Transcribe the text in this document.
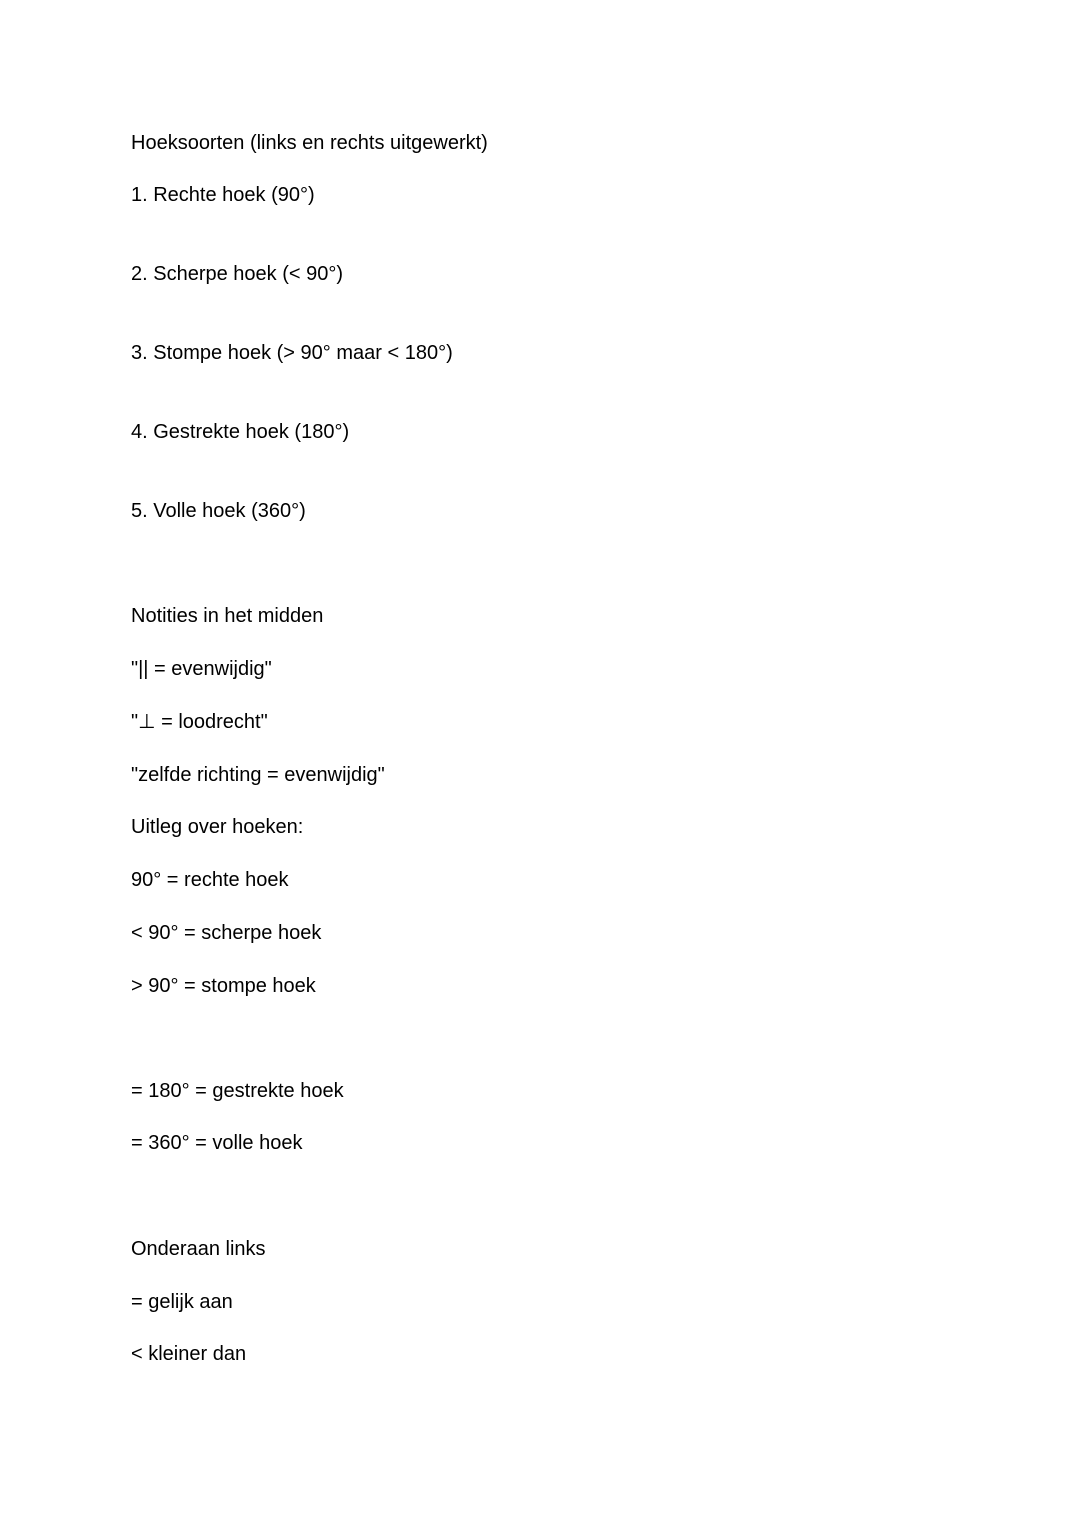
Hoeksoorten (links en rechts uitgewerkt)
1. Rechte hoek (90°)
2. Scherpe hoek (< 90°)
3. Stompe hoek (> 90° maar < 180°)
4. Gestrekte hoek (180°)
5. Volle hoek (360°)
Notities in het midden
"|| = evenwijdig"
"⊥ = loodrecht"
"zelfde richting = evenwijdig"
Uitleg over hoeken:
90° = rechte hoek
< 90° = scherpe hoek
> 90° = stompe hoek
= 180° = gestrekte hoek
= 360° = volle hoek
Onderaan links
= gelijk aan
< kleiner dan
